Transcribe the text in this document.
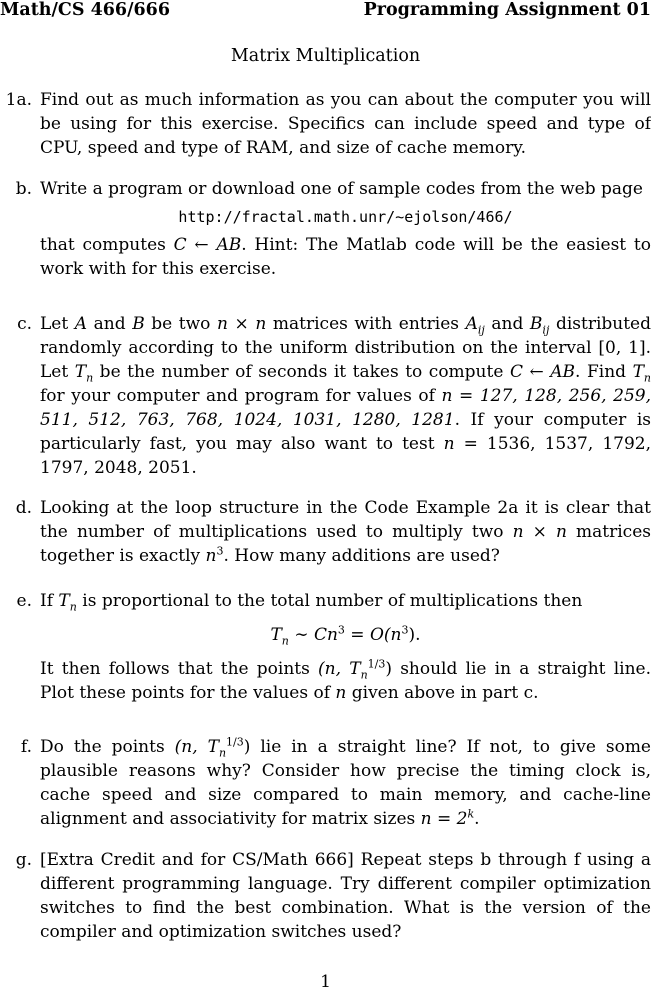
Math/CS 466/666	Programming Assignment 01
Matrix Multiplication
1a. Find out as much information as you can about the computer you will be using for this exercise. Specifics can include speed and type of CPU, speed and type of RAM, and size of cache memory.

b. Write a program or download one of sample codes from the web page

http://fractal.math.unr/∼ejolson/466/

that computes C ← AB. Hint: The Matlab code will be the easiest to work with for this exercise.

c. Let A and B be two n × n matrices with entries $A_{ij}$ and $B_{ij}$ distributed randomly according to the uniform distribution on the interval [0, 1]. Let $T_n$ be the number of seconds it takes to compute C ← AB. Find $T_n$ for your computer and program for values of n = 127, 128, 256, 259, 511, 512, 763, 768, 1024, 1031, 1280, 1281. If your computer is particularly fast, you may also want to test n = 1536, 1537, 1792, 1797, 2048, 2051.

d. Looking at the loop structure in the Code Example 2a it is clear that the number of multiplications used to multiply two n × n matrices together is exactly $n^3$. How many additions are used?

e. If $T_n$ is proportional to the total number of multiplications then

$T_n$ ∼ $Cn^3 = O(n^3)$.

It then follows that the points (n, $T_n^{1/3}$) should lie in a straight line. Plot these points for the values of n given above in part c.

f. Do the points (n, $T_n^{1/3}$) lie in a straight line? If not, to give some plausible reasons why? Consider how precise the timing clock is, cache speed and size compared to main memory, and cache-line alignment and associativity for matrix sizes $n = 2^k$.

g. [Extra Credit and for CS/Math 666] Repeat steps b through f using a different programming language. Try different compiler optimization switches to find the best combination. What is the version of the compiler and optimization switches used?

1
